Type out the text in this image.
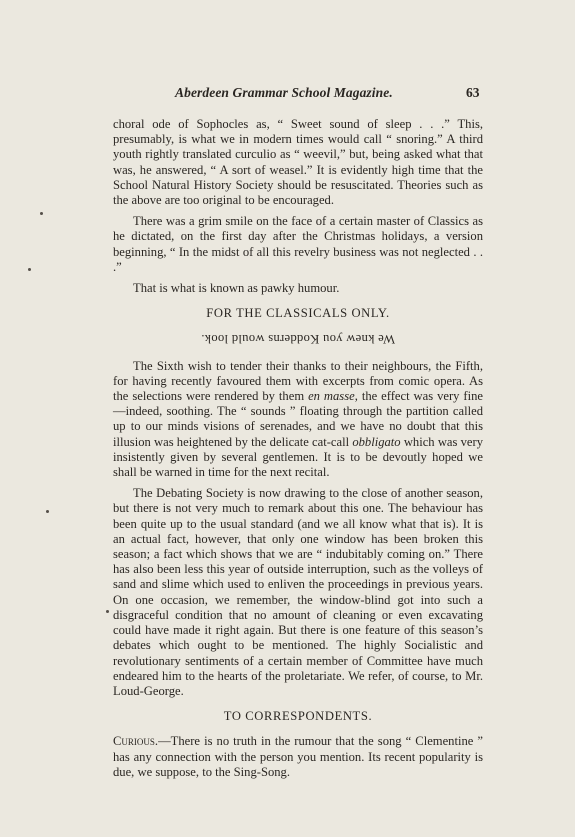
Aberdeen Grammar School Magazine.	63

choral ode of Sophocles as, “ Sweet sound of sleep . . .” This, presumably, is what we in modern times would call “ snoring.” A third youth rightly translated curculio as “ weevil,” but, being asked what that was, he answered, “ A sort of weasel.” It is evidently high time that the School Natural History Society should be resuscitated. Theories such as the above are too original to be encouraged.

There was a grim smile on the face of a certain master of Classics as he dictated, on the first day after the Christmas holidays, a version beginning, “ In the midst of all this revelry business was not neglected . . .”

That is what is known as pawky humour.

FOR THE CLASSICALS ONLY.
We knew you Kodderns would look.

The Sixth wish to tender their thanks to their neighbours, the Fifth, for having recently favoured them with excerpts from comic opera. As the selections were rendered by them en masse, the effect was very fine—indeed, soothing. The “ sounds ” floating through the partition called up to our minds visions of serenades, and we have no doubt that this illusion was heightened by the delicate cat-call obbligato which was very insistently given by several gentlemen. It is to be devoutly hoped we shall be warned in time for the next recital.

The Debating Society is now drawing to the close of another season, but there is not very much to remark about this one. The behaviour has been quite up to the usual standard (and we all know what that is). It is an actual fact, however, that only one window has been broken this season; a fact which shows that we are “ indubitably coming on.” There has also been less this year of outside interruption, such as the volleys of sand and slime which used to enliven the proceedings in previous years. On one occasion, we remember, the window-blind got into such a disgraceful condition that no amount of cleaning or even excavating could have made it right again. But there is one feature of this season’s debates which ought to be mentioned. The highly Socialistic and revolutionary sentiments of a certain member of Committee have much endeared him to the hearts of the proletariate. We refer, of course, to Mr. Loud-George.

TO CORRESPONDENTS.

Curious.—There is no truth in the rumour that the song “ Clementine ” has any connection with the person you mention. Its recent popularity is due, we suppose, to the Sing-Song.
